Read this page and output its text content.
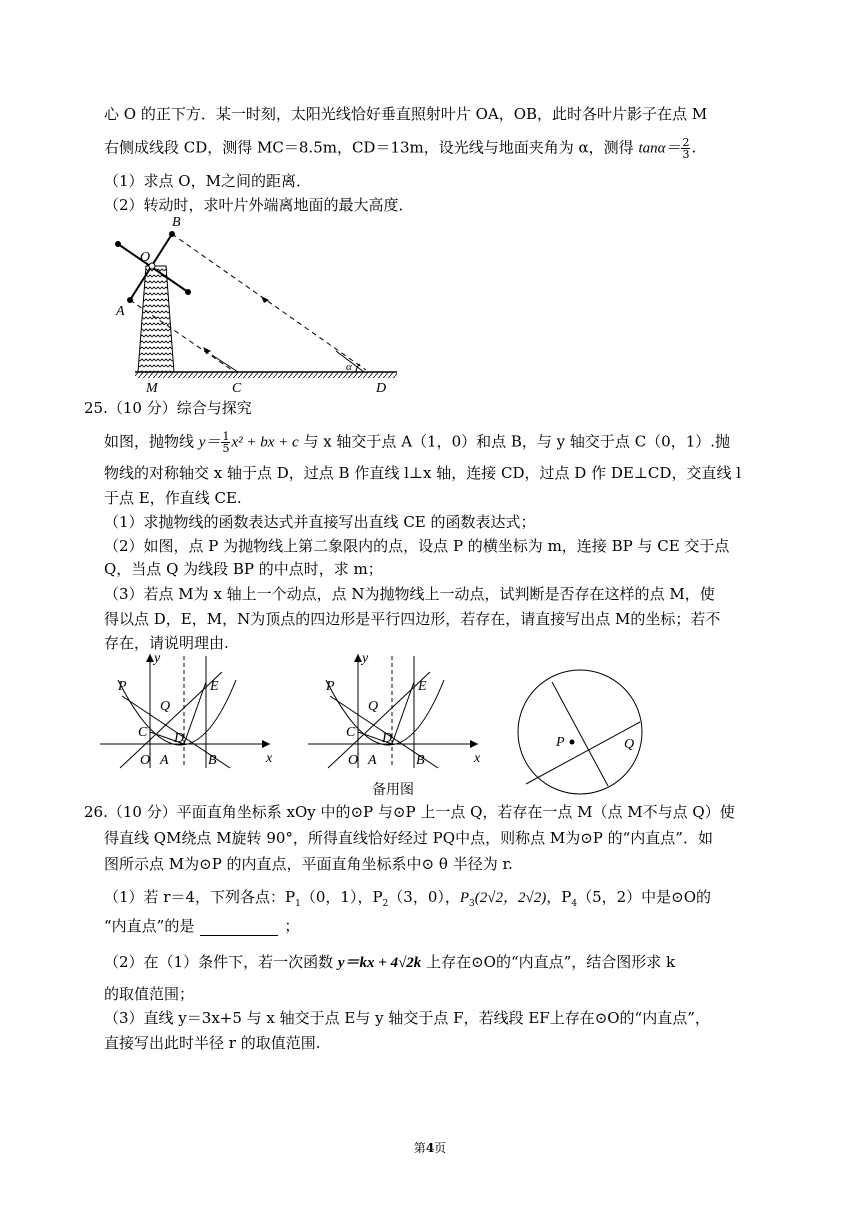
心 O 的正下方．某一时刻，太阳光线恰好垂直照射叶片 OA，OB，此时各叶片影子在点 M
右侧成线段 CD，测得 MC＝8.5m，CD＝13m，设光线与地面夹角为 α，测得 $\tan\alpha= \frac{2}{3}$ .
（1）求点 O，M之间的距离．
（2）转动时，求叶片外端离地面的最大高度．
B
O
A
M	C	D
α
25.（10 分）综合与探究
如图，抛物线 $y= \frac{1}{5} x^2$ + bx + c 与 x 轴交于点 A（1，0）和点 B，与 y 轴交于点 C（0，1）.抛
物线的对称轴交 x 轴于点 D，过点 B 作直线 l⊥x 轴，连接 CD，过点 D 作 DE⊥CD，交直线 l
于点 E，作直线 CE.
（1）求抛物线的函数表达式并直接写出直线 CE 的函数表达式；
（2）如图，点 P 为抛物线上第二象限内的点，设点 P 的横坐标为 m，连接 BP 与 CE 交于点
Q，当点 Q 为线段 BP 的中点时，求 m；
（3）若点 M为 x 轴上一个动点，点 N为抛物线上一动点，试判断是否存在这样的点 M，使
得以点 D，E，M，N为顶点的四边形是平行四边形，若存在，请直接写出点 M的坐标；若不
存在，请说明理由.
P
Q
E
C D
O A	B
y
x
P
Q
E
C D
O A	B
y
x
备用图
P	Q
26.（10 分）平面直角坐标系 xOy 中的⊙P 与⊙P 上一点 Q，若存在一点 M（点 M不与点 Q）使
得直线 QM绕点 M旋转 90°，所得直线恰好经过 PQ中点，则称点 M为⊙P 的“内直点”．如
图所示点 M为⊙P 的内直点，平面直角坐标系中⊙ θ 半径为 r.
（1）若 r＝4，下列各点：$P_1(0$，1），$P_2(3$，0），$P_3(2√2$，2√2)，$P_4(5$，2）中是⊙O的
“内直点”的是	；
（2）在（1）条件下，若一次函数 y＝kx + 4√2k 上存在⊙O的“内直点”，结合图形求 k
的取值范围；
（3）直线 y＝3x+5 与 x 轴交于点 E与 y 轴交于点 F，若线段 EF上存在⊙O的“内直点”，
直接写出此时半径 r 的取值范围.
第4页
